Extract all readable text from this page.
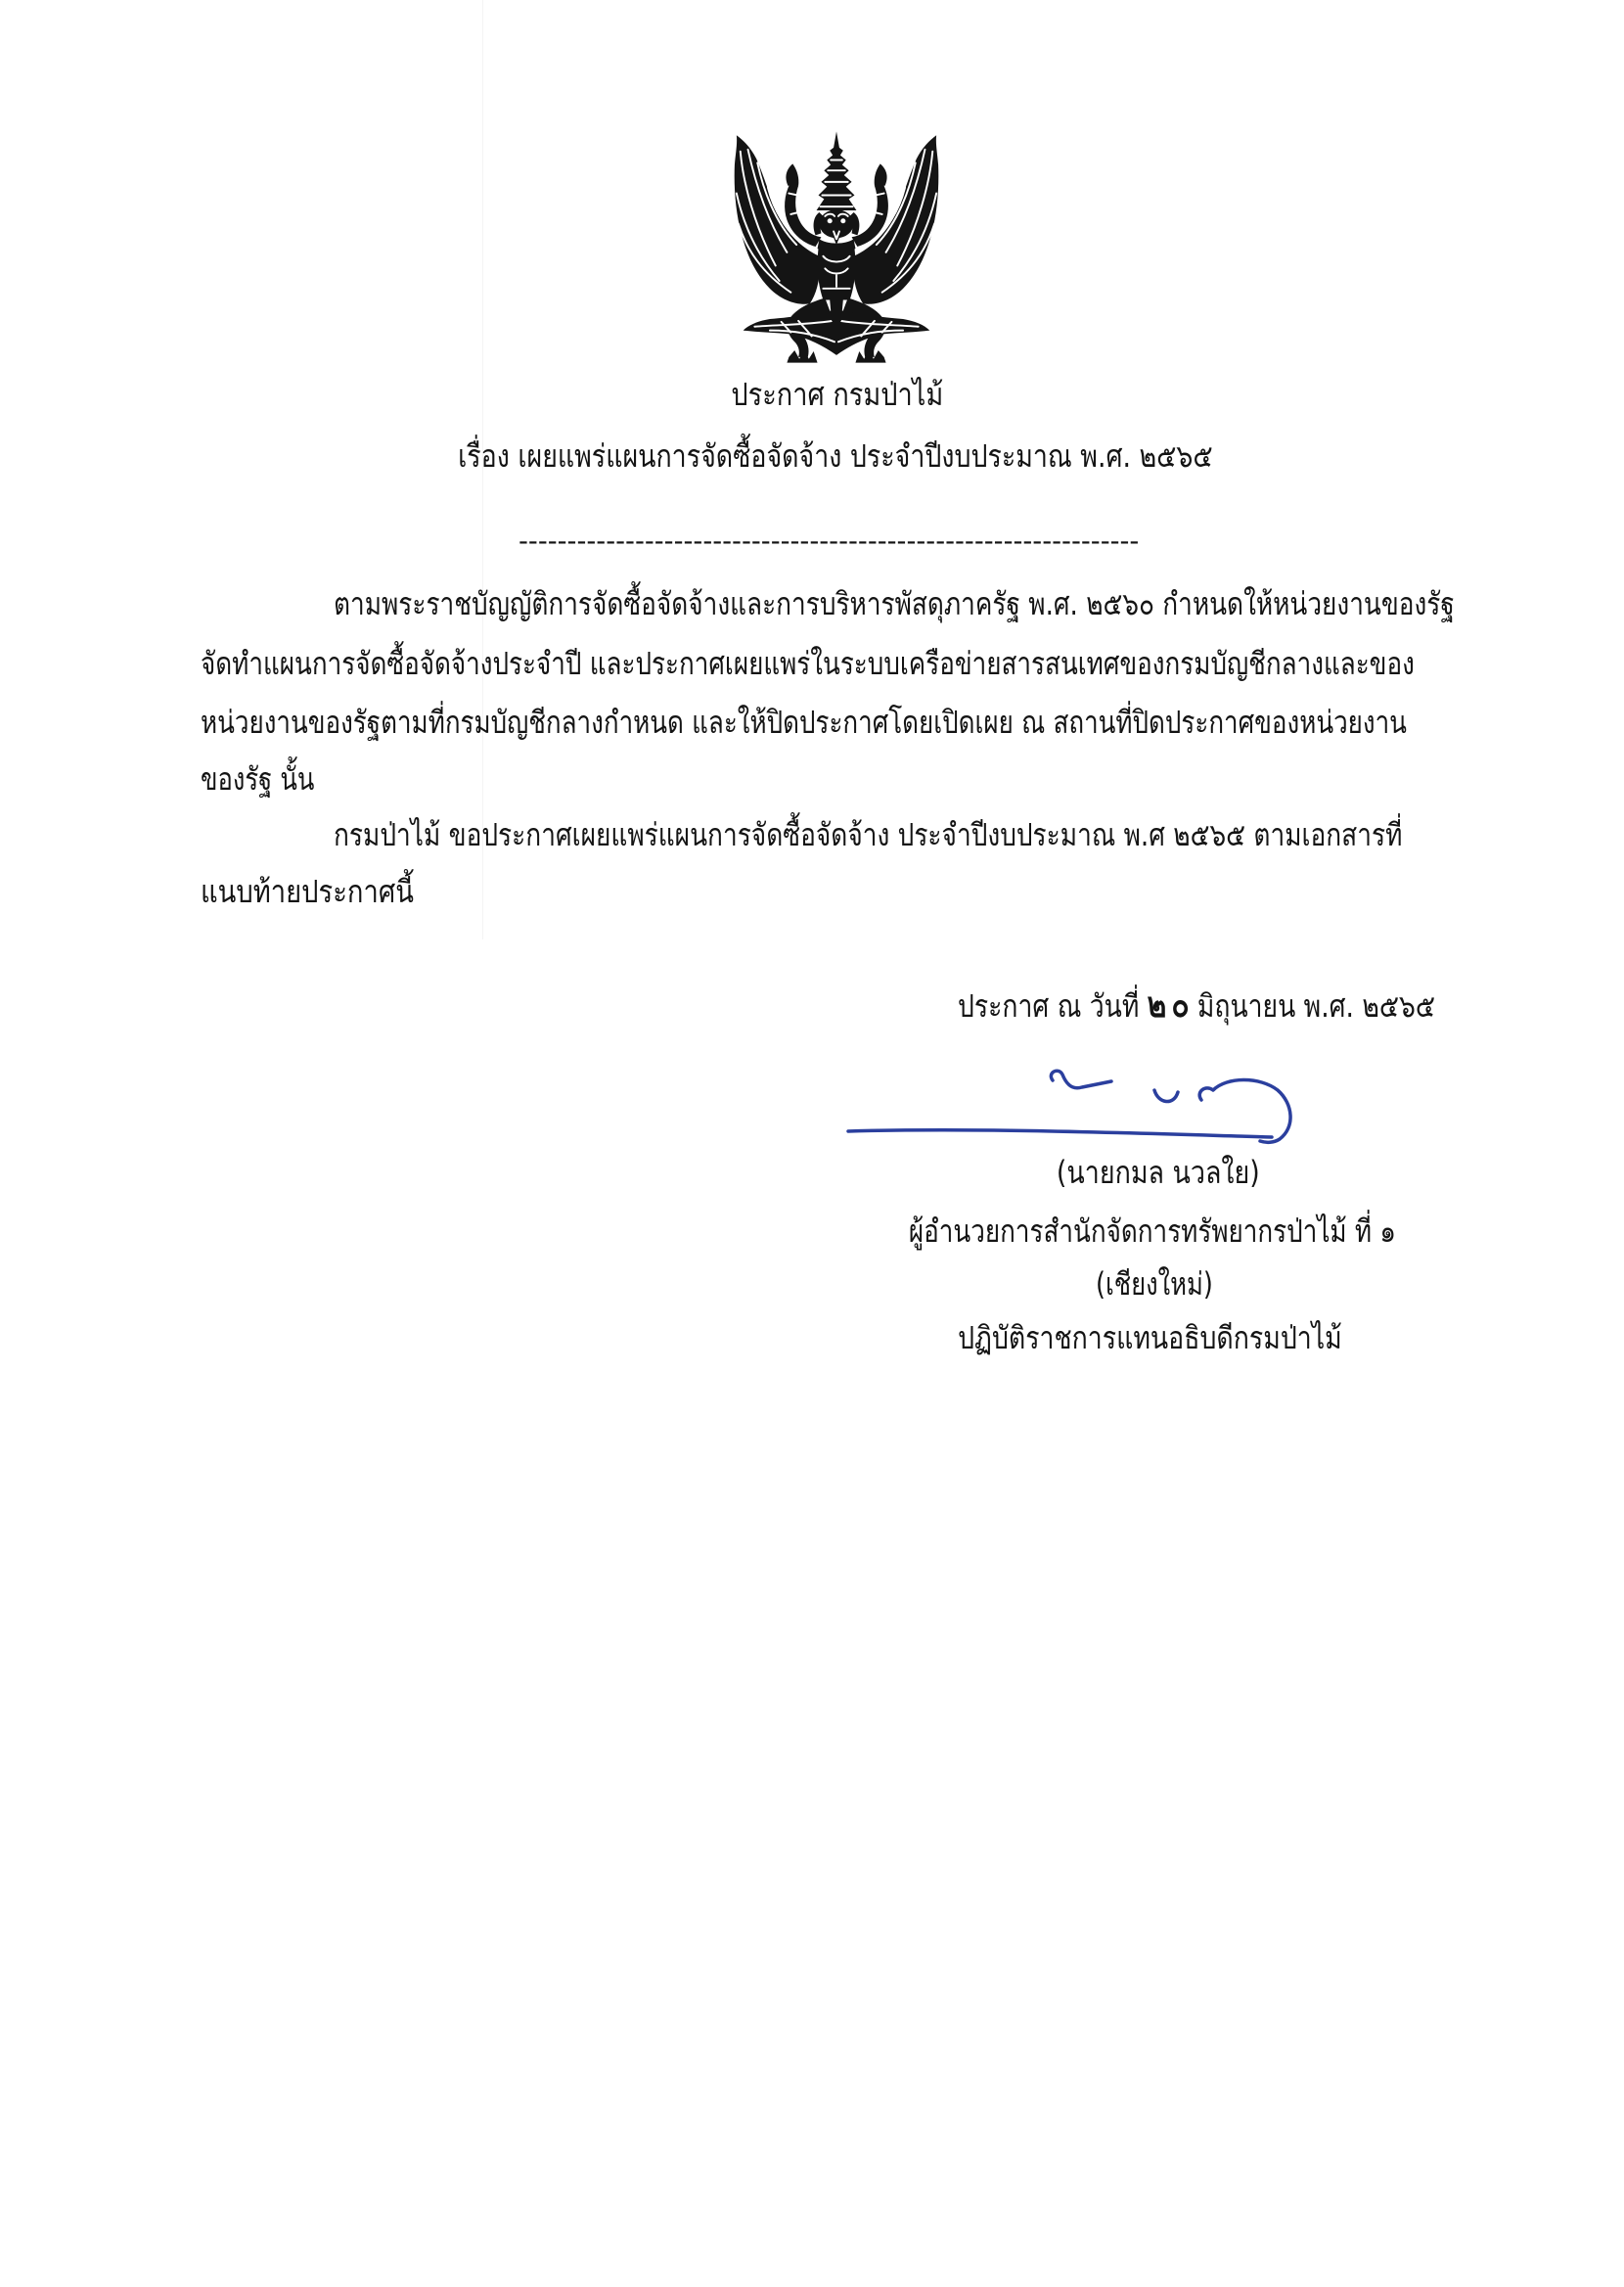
ประกาศ กรมป่าไม้
เรื่อง เผยแพร่แผนการจัดซื้อจัดจ้าง ประจำปีงบประมาณ พ.ศ. ๒๕๖๕
----------------------------------------------------------------
ตามพระราชบัญญัติการจัดซื้อจัดจ้างและการบริหารพัสดุภาครัฐ พ.ศ. ๒๕๖๐ กำหนดให้หน่วยงานของรัฐ
จัดทำแผนการจัดซื้อจัดจ้างประจำปี และประกาศเผยแพร่ในระบบเครือข่ายสารสนเทศของกรมบัญชีกลางและของ
หน่วยงานของรัฐตามที่กรมบัญชีกลางกำหนด และให้ปิดประกาศโดยเปิดเผย ณ สถานที่ปิดประกาศของหน่วยงาน
ของรัฐ นั้น
กรมป่าไม้ ขอประกาศเผยแพร่แผนการจัดซื้อจัดจ้าง ประจำปีงบประมาณ พ.ศ ๒๕๖๕ ตามเอกสารที่
แนบท้ายประกาศนี้
ประกาศ ณ วันที่ ๒๐ มิถุนายน พ.ศ. ๒๕๖๕
(นายกมล นวลใย)
ผู้อำนวยการสำนักจัดการทรัพยากรป่าไม้ ที่ ๑
(เชียงใหม่)
ปฏิบัติราชการแทนอธิบดีกรมป่าไม้
